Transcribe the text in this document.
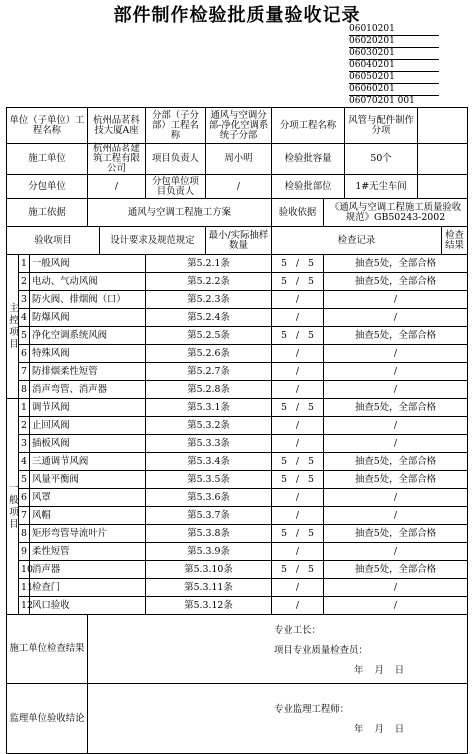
部件制作检验批质量验收记录
06010201
06020201
06030201
06040201
06050201
06060201
06070201 001
单位（子单位）工程名称			杭州品茗科技大厦A座		分部（子分部）工程名称	通风与空调分部-净化空调系统子分部	分项工程名称		风管与配件制作分项			
施工单位			杭州品茗建筑工程有限公司		项目负责人	周小明	检验批容量		50个			
分包单位			/		分包单位项目负责人	/	检验批部位		1#无尘车间			
施工依据			通风与空调工程施工方案				验收依据	《通风与空调工程施工质量验收规范》GB50243-2002				
验收项目				设计要求及规范规定		最小/实际抽样数量	检查记录				检查结果	
主控项目	1	一般风阀			第5.2.1条		5   /   5	抽查5处，全部合格	
	2	电动、气动风阀			第5.2.2条		5   /   5	抽查5处，全部合格	
	3	防火阀、排烟阀（口）			第5.2.3条		/	/	
	4	防爆风阀			第5.2.4条		/	/	
	5	净化空调系统风阀			第5.2.5条		5   /   5	抽查5处，全部合格	
	6	特殊风阀			第5.2.6条		/	/	
	7	防排烟柔性短管			第5.2.7条		/	/	
	8	消声弯管、消声器			第5.2.8条		/	/	
一般项目	1	调节风阀			第5.3.1条		5   /   5	抽查5处，全部合格	
	2	止回风阀			第5.3.2条		/	/	
	3	插板风阀			第5.3.3条		/	/	
	4	三通调节风阀			第5.3.4条		5   /   5	抽查5处，全部合格	
	5	风量平衡阀			第5.3.5条		5   /   5	抽查5处，全部合格	
	6	风罩			第5.3.6条		/	/	
	7	风帽			第5.3.7条		/	/	
	8	矩形弯管导流叶片			第5.3.8条		5   /   5	抽查5处，全部合格	
	9	柔性短管			第5.3.9条		/	/	
	10	消声器			第5.3.10条		5   /   5	抽查5处，全部合格	
	11	检查门			第5.3.11条		/	/	
	12	风口验收			第5.3.12条		/	/	
施工单位检查结果			专业工长：
项目专业质量检查员：
年 月 日									

监理单位验收结论			专业监理工程师：
年 月 日									
